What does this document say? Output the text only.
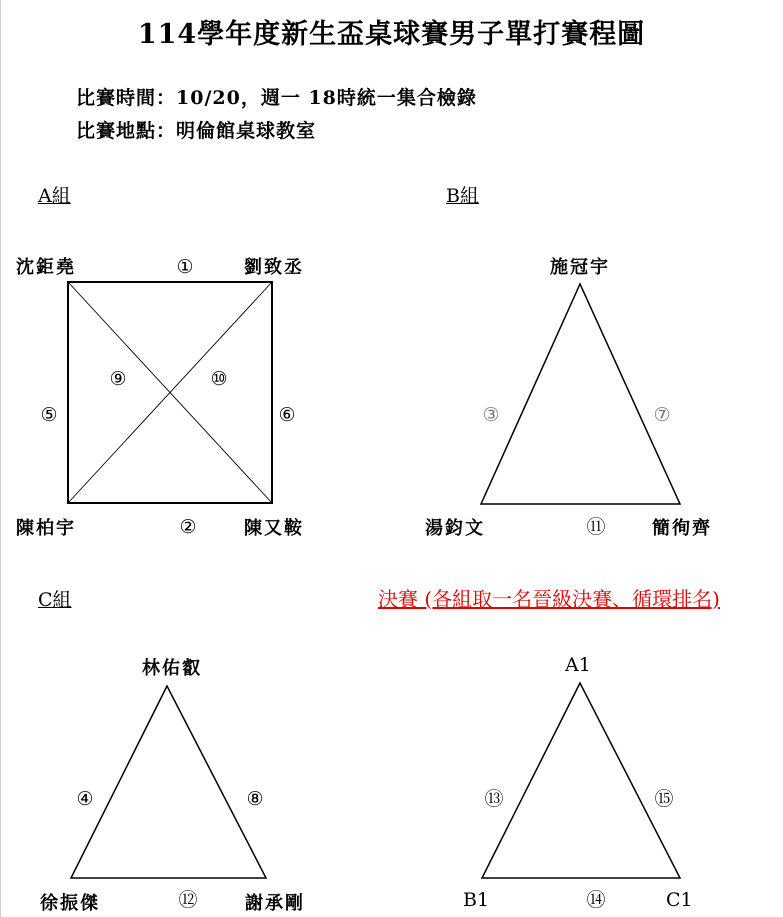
114學年度新生盃桌球賽男子單打賽程圖
比賽時間：10/20，週一 18時統一集合檢錄
比賽地點：明倫館桌球教室
A組
沈鉅堯	劉致丞
陳柏宇	陳又鞍
①
②
⑤	⑥
⑨	⑩
B組
施冠宇
湯鈞文	簡徇齊
③	⑦
⑪
C組
林佑叡
徐振傑	謝承剛
④	⑧
⑫
決賽 (各組取一名晉級決賽、循環排名)
A1
B1	C1
⑬	⑮
⑭
